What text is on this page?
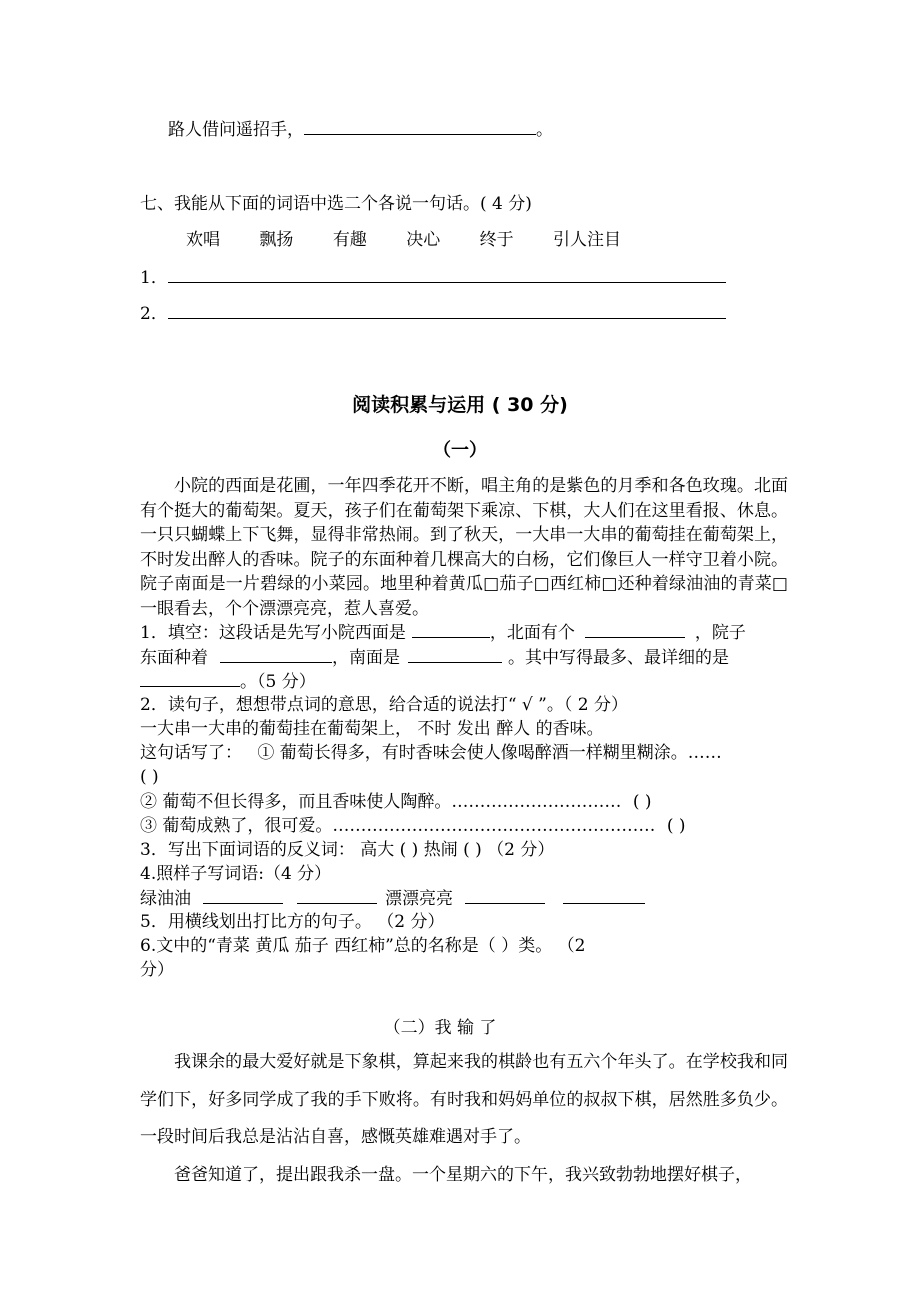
路人借问遥招手，	。
七、我能从下面的词语中选二个各说一句话。( 4 分)
欢唱 飘扬 有趣 决心 终于 引人注目
1．
2．
阅读积累与运用 ( 30 分)
（一）

小院的西面是花圃，一年四季花开不断，唱主角的是紫色的月季和各色玫瑰。北面有个挺大的葡萄架。夏天，孩子们在葡萄架下乘凉、下棋，大人们在这里看报、休息。一只只蝴蝶上下飞舞，显得非常热闹。到了秋天，一大串一大串的葡萄挂在葡萄架上，不时发出醉人的香味。院子的东面种着几棵高大的白杨，它们像巨人一样守卫着小院。院子南面是一片碧绿的小菜园。地里种着黄瓜□茄子□西红柿□还种着绿油油的青菜□一眼看去，个个漂漂亮亮，惹人喜爱。

1．填空：这段话是先写小院西面是	，北面有个	，院子
东面种着	，南面是	。其中写得最多、最详细的是
。（5 分）
2．读句子，想想带点词的意思，给合适的说法打“ √ ”。（ 2 分）
一大串一大串的葡萄挂在葡萄架上， 不时 发出 醉人 的香味。
这句话写了： ① 葡萄长得多，有时香味会使人像喝醉酒一样糊里糊涂。……
( )
② 葡萄不但长得多，而且香味使人陶醉。………………………… ( )
③ 葡萄成熟了，很可爱。………………………………………………… ( )
3．写出下面词语的反义词： 高大 ( ) 热闹 ( ) （2 分）
4.照样子写词语:（4 分）
绿油油	漂漂亮亮
5．用横线划出打比方的句子。 （2 分）
6.文中的“青菜 黄瓜 茄子 西红柿”总的名称是（ ）类。 （2
分）
（二）我 输 了

我课余的最大爱好就是下象棋，算起来我的棋龄也有五六个年头了。在学校我和同学们下，好多同学成了我的手下败将。有时我和妈妈单位的叔叔下棋，居然胜多负少。一段时间后我总是沾沾自喜，感慨英雄难遇对手了。

爸爸知道了，提出跟我杀一盘。一个星期六的下午，我兴致勃勃地摆好棋子，
